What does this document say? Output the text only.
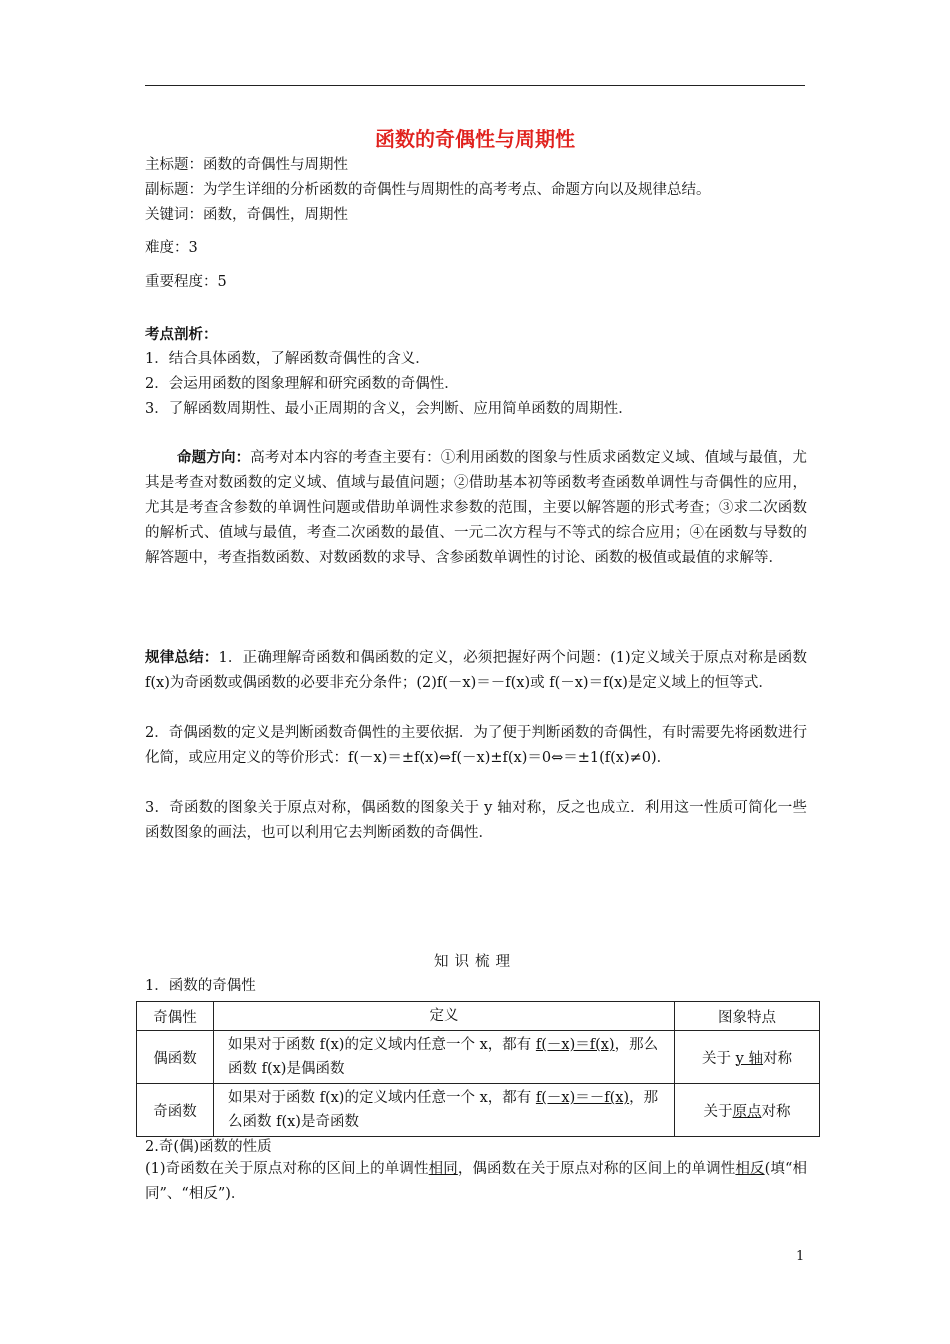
函数的奇偶性与周期性
主标题：函数的奇偶性与周期性
副标题：为学生详细的分析函数的奇偶性与周期性的高考考点、命题方向以及规律总结。
关键词：函数，奇偶性，周期性
难度：3
重要程度：5
考点剖析：
1．结合具体函数，了解函数奇偶性的含义．
2．会运用函数的图象理解和研究函数的奇偶性．
3．了解函数周期性、最小正周期的含义，会判断、应用简单函数的周期性．
命题方向：高考对本内容的考查主要有：①利用函数的图象与性质求函数定义域、值域与最值，尤其是考查对数函数的定义域、值域与最值问题；②借助基本初等函数考查函数单调性与奇偶性的应用，尤其是考查含参数的单调性问题或借助单调性求参数的范围，主要以解答题的形式考查；③求二次函数的解析式、值域与最值，考查二次函数的最值、一元二次方程与不等式的综合应用；④在函数与导数的解答题中，考查指数函数、对数函数的求导、含参函数单调性的讨论、函数的极值或最值的求解等．
规律总结：1．正确理解奇函数和偶函数的定义，必须把握好两个问题：(1)定义域关于原点对称是函数 f(x)为奇函数或偶函数的必要非充分条件；(2)f(－x)＝－f(x)或 f(－x)＝f(x)是定义域上的恒等式．
2．奇偶函数的定义是判断函数奇偶性的主要依据．为了便于判断函数的奇偶性，有时需要先将函数进行化简，或应用定义的等价形式：f(－x)＝±f(x)⇔f(－x)±f(x)＝0⇔＝±1(f(x)≠0)．
3．奇函数的图象关于原点对称，偶函数的图象关于 y 轴对称，反之也成立．利用这一性质可简化一些函数图象的画法，也可以利用它去判断函数的奇偶性．
知识梳理
1．函数的奇偶性
奇偶性	定义	图象特点
偶函数	如果对于函数 f(x)的定义域内任意一个 x，都有 f(－x)＝f(x)，那么函数 f(x)是偶函数	关于 y 轴对称
奇函数	如果对于函数 f(x)的定义域内任意一个 x，都有 f(－x)＝－f(x)，那么函数 f(x)是奇函数	关于原点对称
2.奇(偶)函数的性质
(1)奇函数在关于原点对称的区间上的单调性相同，偶函数在关于原点对称的区间上的单调性相反(填“相同”、“相反”)．
1
